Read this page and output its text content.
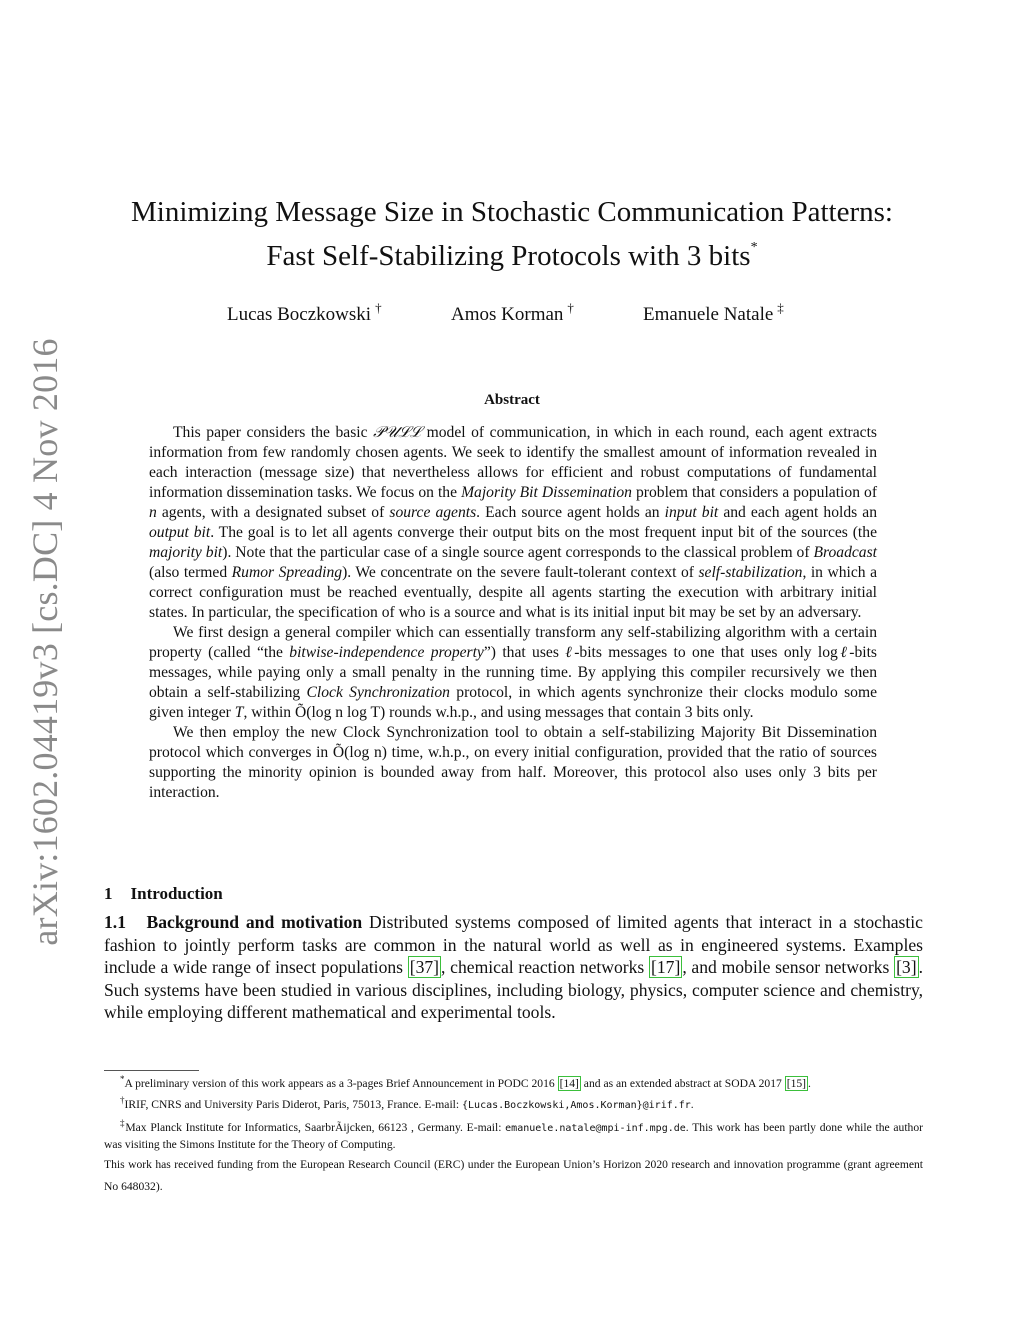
arXiv:1602.04419v3 [cs.DC] 4 Nov 2016
Minimizing Message Size in Stochastic Communication Patterns:
Fast Self-Stabilizing Protocols with 3 bits*
Lucas Boczkowski †	Amos Korman †	Emanuele Natale ‡
Abstract

This paper considers the basic 𝒫𝒰ℒℒ model of communication, in which in each round, each agent extracts information from few randomly chosen agents. We seek to identify the smallest amount of information revealed in each interaction (message size) that nevertheless allows for efficient and robust computations of fundamental information dissemination tasks. We focus on the Majority Bit Dissemination problem that considers a population of n agents, with a designated subset of source agents. Each source agent holds an input bit and each agent holds an output bit. The goal is to let all agents converge their output bits on the most frequent input bit of the sources (the majority bit). Note that the particular case of a single source agent corresponds to the classical problem of Broadcast (also termed Rumor Spreading). We concentrate on the severe fault-tolerant context of self-stabilization, in which a correct configuration must be reached eventually, despite all agents starting the execution with arbitrary initial states. In particular, the specification of who is a source and what is its initial input bit may be set by an adversary.

We first design a general compiler which can essentially transform any self-stabilizing algorithm with a certain property (called “the bitwise-independence property”) that uses ℓ-bits messages to one that uses only logℓ-bits messages, while paying only a small penalty in the running time. By applying this compiler recursively we then obtain a self-stabilizing Clock Synchronization protocol, in which agents synchronize their clocks modulo some given integer T, within Õ(log n log T) rounds w.h.p., and using messages that contain 3 bits only.

We then employ the new Clock Synchronization tool to obtain a self-stabilizing Majority Bit Dissemination protocol which converges in Õ(log n) time, w.h.p., on every initial configuration, provided that the ratio of sources supporting the minority opinion is bounded away from half. Moreover, this protocol also uses only 3 bits per interaction.

1 Introduction

1.1 Background and motivation Distributed systems composed of limited agents that interact in a stochastic fashion to jointly perform tasks are common in the natural world as well as in engineered systems. Examples include a wide range of insect populations [37] , chemical reaction networks [17] , and mobile sensor networks [3] . Such systems have been studied in various disciplines, including biology, physics, computer science and chemistry, while employing different mathematical and experimental tools.

*A preliminary version of this work appears as a 3-pages Brief Announcement in PODC 2016 [14] and as an extended abstract at SODA 2017 [15] .

†IRIF, CNRS and University Paris Diderot, Paris, 75013, France. E-mail: {Lucas.Boczkowski,Amos.Korman}@irif.fr.

‡Max Planck Institute for Informatics, SaarbrÃijcken, 66123 , Germany. E-mail: emanuele.natale@mpi-inf.mpg.de. This work has been partly done while the author was visiting the Simons Institute for the Theory of Computing.

This work has received funding from the European Research Council (ERC) under the European Union’s Horizon 2020 research and innovation programme (grant agreement No 648032).
